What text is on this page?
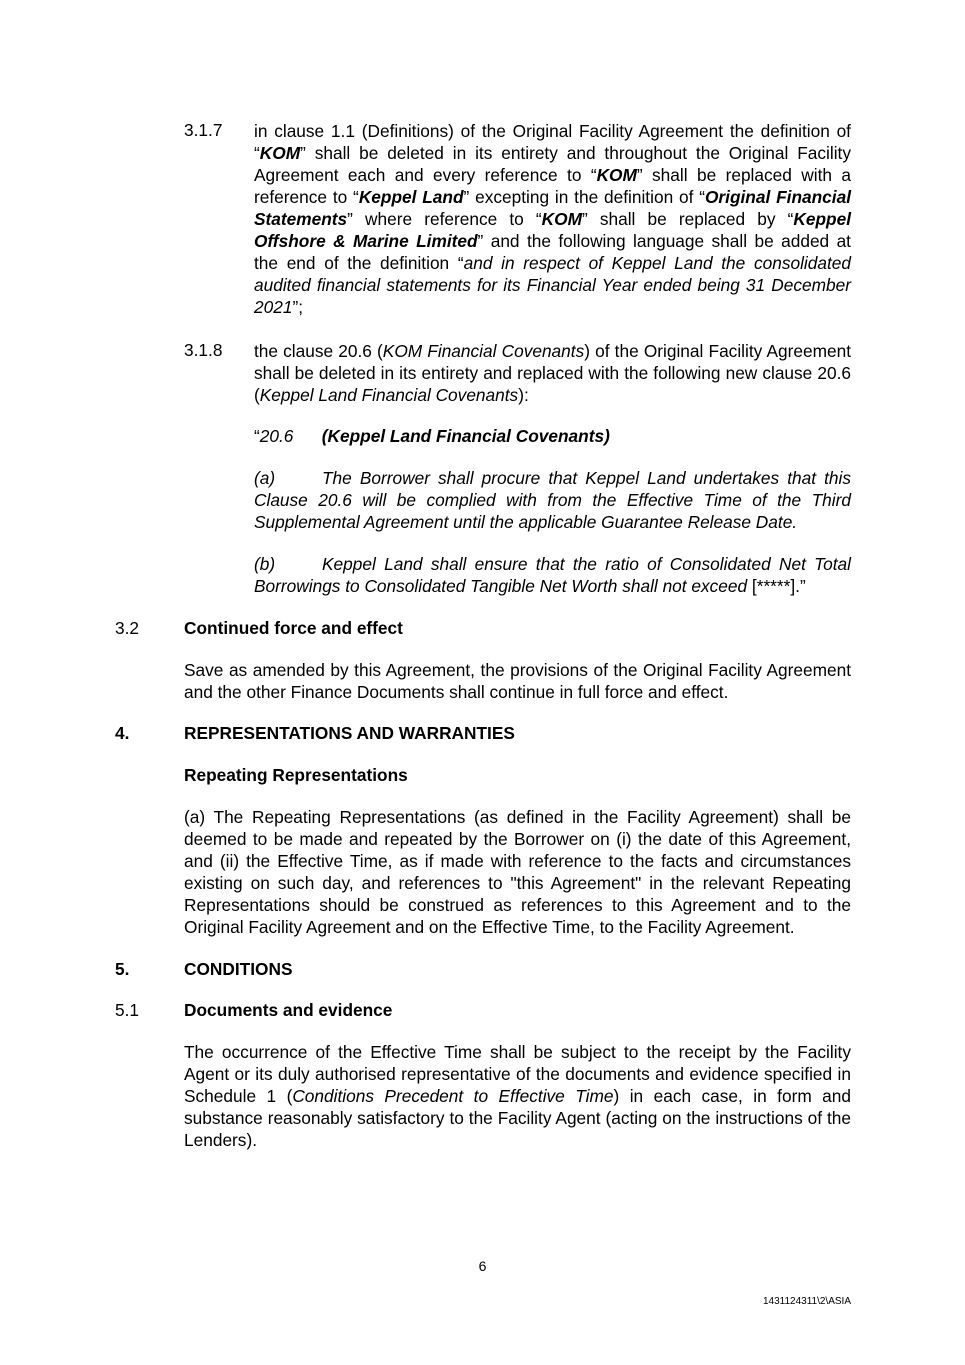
3.1.7 in clause 1.1 (Definitions) of the Original Facility Agreement the definition of “KOM” shall be deleted in its entirety and throughout the Original Facility Agreement each and every reference to “KOM” shall be replaced with a reference to “Keppel Land” excepting in the definition of “Original Financial Statements” where reference to “KOM” shall be replaced by “Keppel Offshore & Marine Limited” and the following language shall be added at the end of the definition “and in respect of Keppel Land the consolidated audited financial statements for its Financial Year ended being 31 December 2021”;
3.1.8 the clause 20.6 (KOM Financial Covenants) of the Original Facility Agreement shall be deleted in its entirety and replaced with the following new clause 20.6 (Keppel Land Financial Covenants):
“20.6 (Keppel Land Financial Covenants)
(a)	The Borrower shall procure that Keppel Land undertakes that this Clause 20.6 will be complied with from the Effective Time of the Third Supplemental Agreement until the applicable Guarantee Release Date.
(b)	Keppel Land shall ensure that the ratio of Consolidated Net Total Borrowings to Consolidated Tangible Net Worth shall not exceed [*****].”
3.2	Continued force and effect
Save as amended by this Agreement, the provisions of the Original Facility Agreement and the other Finance Documents shall continue in full force and effect.
4.	REPRESENTATIONS AND WARRANTIES
Repeating Representations
(a) The Repeating Representations (as defined in the Facility Agreement) shall be deemed to be made and repeated by the Borrower on (i) the date of this Agreement, and (ii) the Effective Time, as if made with reference to the facts and circumstances existing on such day, and references to "this Agreement" in the relevant Repeating Representations should be construed as references to this Agreement and to the Original Facility Agreement and on the Effective Time, to the Facility Agreement.
5.	CONDITIONS
5.1	Documents and evidence
The occurrence of the Effective Time shall be subject to the receipt by the Facility Agent or its duly authorised representative of the documents and evidence specified in Schedule 1 (Conditions Precedent to Effective Time) in each case, in form and substance reasonably satisfactory to the Facility Agent (acting on the instructions of the Lenders).
6
1431124311\2\ASIA
